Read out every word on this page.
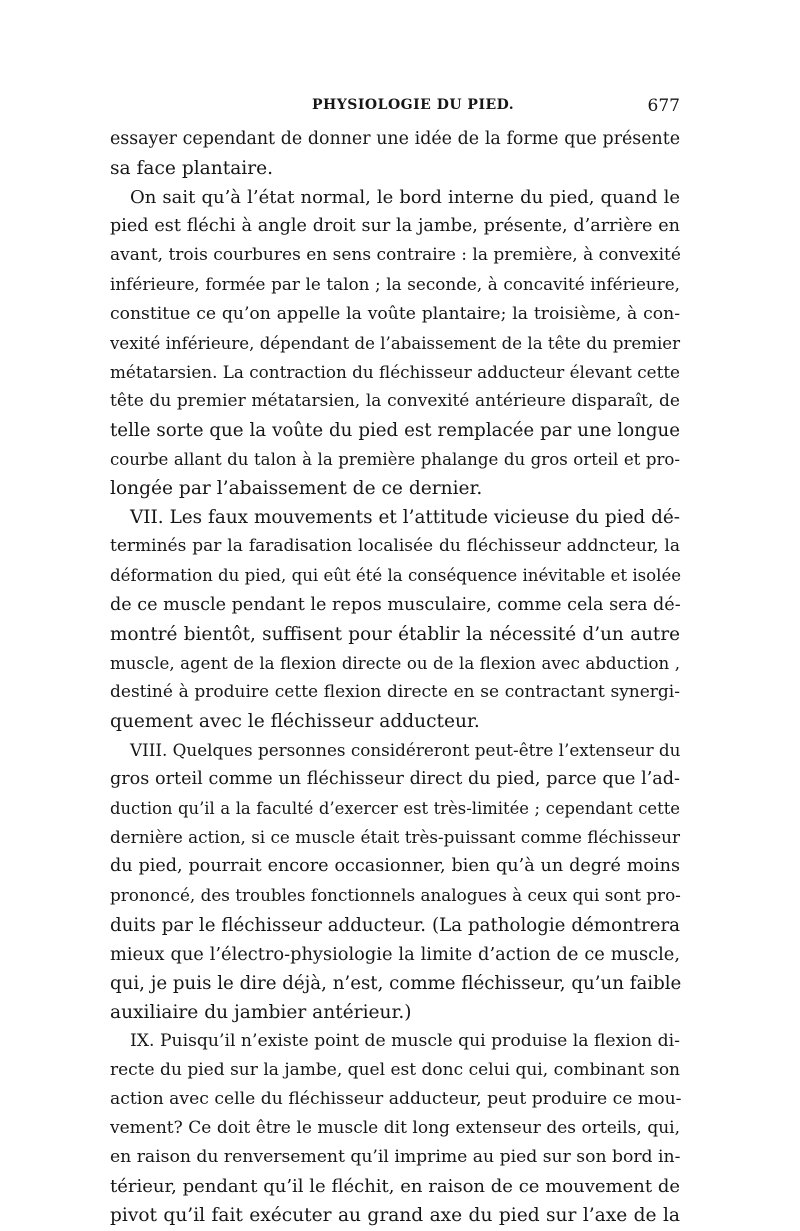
PHYSIOLOGIE DU PIED.	677
essayer cependant de donner une idée de la forme que présente
sa face plantaire.
On sait qu’à l’état normal, le bord interne du pied, quand le
pied est fléchi à angle droit sur la jambe, présente, d’arrière en
avant, trois courbures en sens contraire : la première, à convexité
inférieure, formée par le talon ; la seconde, à concavité inférieure,
constitue ce qu’on appelle la voûte plantaire; la troisième, à con-
vexité inférieure, dépendant de l’abaissement de la tête du premier
métatarsien. La contraction du fléchisseur adducteur élevant cette
tête du premier métatarsien, la convexité antérieure disparaît, de
telle sorte que la voûte du pied est remplacée par une longue
courbe allant du talon à la première phalange du gros orteil et pro-
longée par l’abaissement de ce dernier.
VII. Les faux mouvements et l’attitude vicieuse du pied dé-
terminés par la faradisation localisée du fléchisseur addncteur, la
déformation du pied, qui eût été la conséquence inévitable et isolée
de ce muscle pendant le repos musculaire, comme cela sera dé-
montré bientôt, suffisent pour établir la nécessité d’un autre
muscle, agent de la flexion directe ou de la flexion avec abduction ,
destiné à produire cette flexion directe en se contractant synergi-
quement avec le fléchisseur adducteur.
VIII. Quelques personnes considéreront peut-être l’extenseur du
gros orteil comme un fléchisseur direct du pied, parce que l’ad-
duction qu’il a la faculté d’exercer est très-limitée ; cependant cette
dernière action, si ce muscle était très-puissant comme fléchisseur
du pied, pourrait encore occasionner, bien qu’à un degré moins
prononcé, des troubles fonctionnels analogues à ceux qui sont pro-
duits par le fléchisseur adducteur. (La pathologie démontrera
mieux que l’électro-physiologie la limite d’action de ce muscle,
qui, je puis le dire déjà, n’est, comme fléchisseur, qu’un faible
auxiliaire du jambier antérieur.)
IX. Puisqu’il n’existe point de muscle qui produise la flexion di-
recte du pied sur la jambe, quel est donc celui qui, combinant son
action avec celle du fléchisseur adducteur, peut produire ce mou-
vement? Ce doit être le muscle dit long extenseur des orteils, qui,
en raison du renversement qu’il imprime au pied sur son bord in-
térieur, pendant qu’il le fléchit, en raison de ce mouvement de
pivot qu’il fait exécuter au grand axe du pied sur l’axe de la
